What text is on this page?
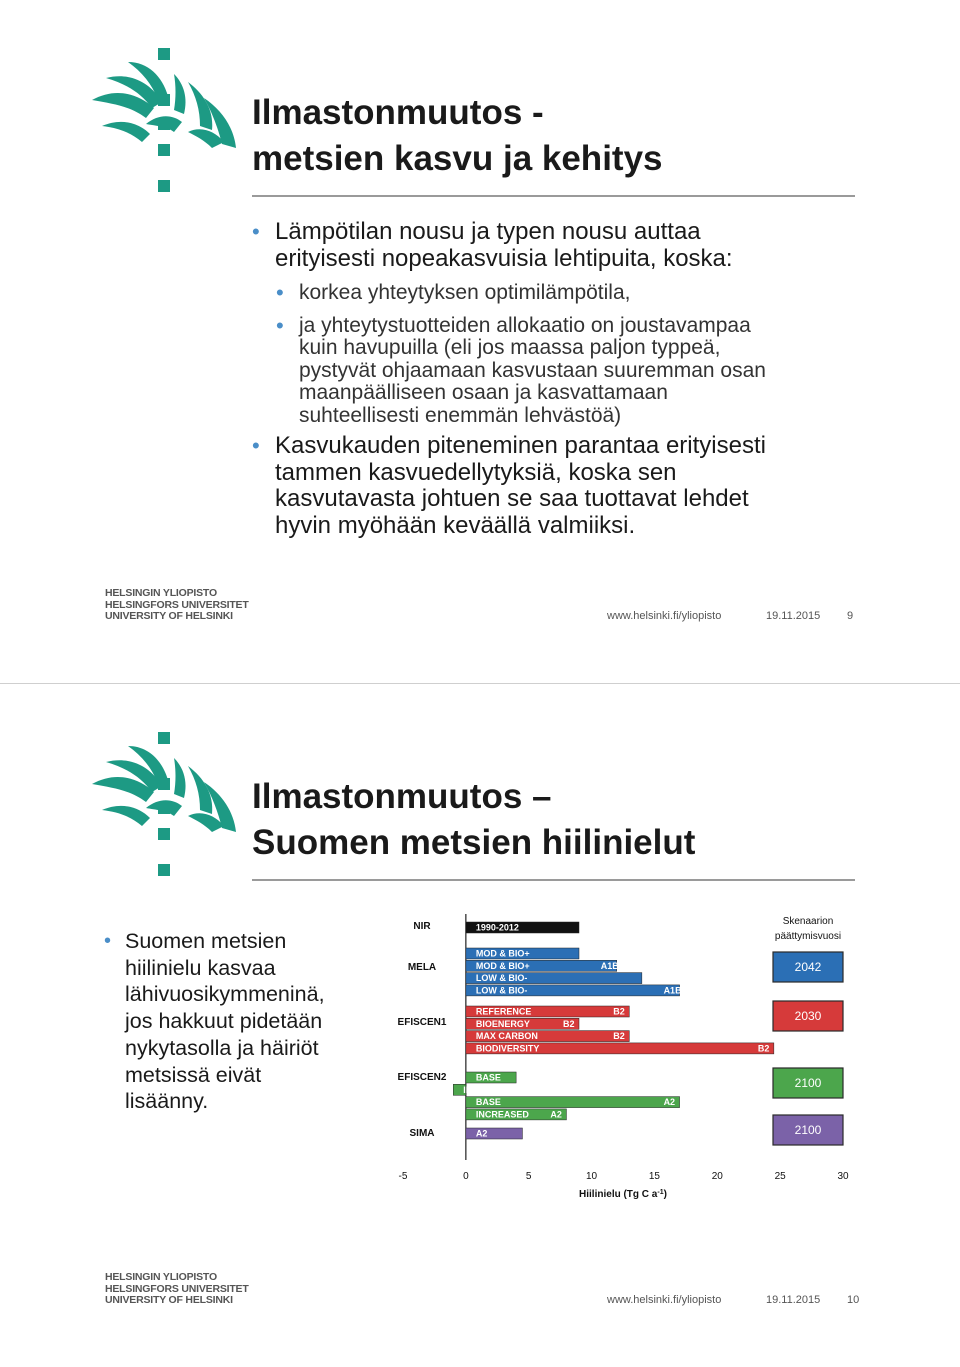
Ilmastonmuutos -
metsien kasvu ja kehitys
• Lämpötilan nousu ja typen nousu auttaa
erityisesti nopeakasvuisia lehtipuita, koska:
• korkea yhteytyksen optimilämpötila,
• ja yhteytystuotteiden allokaatio on joustavampaa
kuin havupuilla (eli jos maassa paljon typpeä,
pystyvät ohjaamaan kasvustaan suuremman osan
maanpäälliseen osaan ja kasvattamaan
suhteellisesti enemmän lehvästöä)
• Kasvukauden piteneminen parantaa erityisesti
tammen kasvuedellytyksiä, koska sen
kasvutavasta johtuen se saa tuottavat lehdet
hyvin myöhään keväällä valmiiksi.
HELSINGIN YLIOPISTO
HELSINGFORS UNIVERSITET
UNIVERSITY OF HELSINKI	www.helsinki.fi/yliopisto	19.11.2015 9
Ilmastonmuutos –
Suomen metsien hiilinielut
• Suomen metsien
hiilinielu kasvaa
lähivuosikymmeninä,
jos hakkuut pidetään
nykytasolla ja häiriöt
metsissä eivät
lisäänny.
NIR	1990-2012
MELA
MOD & BIO+
MOD & BIO+	A1B
LOW & BIO-
LOW & BIO-	A1B
EFISCEN1
REFERENCE	B2
BIOENERGY	B2
MAX CARBON	B2
BIODIVERSITY	B2
EFISCEN2	BASE
INCREASED
BASE	A2
INCREASED A2
SIMA	A2
-5	0	5	10	15	20	25	30
Hiilinielu (Tg C $a^{-1}$)
Skenaarion
päättymisvuosi
2042
2030
2100
2100
HELSINGIN YLIOPISTO
HELSINGFORS UNIVERSITET
UNIVERSITY OF HELSINKI	www.helsinki.fi/yliopisto	19.11.2015 10
